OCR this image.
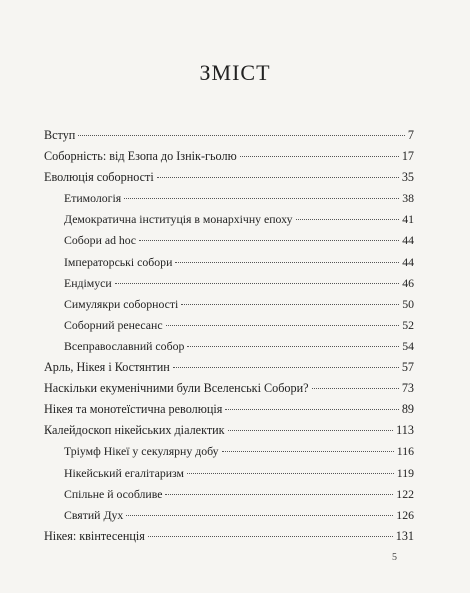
ЗМІСТ
Вступ	7
Соборність: від Езопа до Ізнік-гьолю	17
Еволюція соборності	35
Етимологія	38
Демократична інституція в монархічну епоху	41
Собори ad hoc	44
Імператорські собори	44
Ендімуси	46
Симулякри соборності	50
Соборний ренесанс	52
Всеправославний собор	54
Арль, Нікея і Костянтин	57
Наскільки екуменічними були Вселенські Собори?	73
Нікея та монотеїстична революція	89
Калейдоскоп нікейських діалектик	113
Тріумф Нікеї у секулярну добу	116
Нікейський егалітаризм	119
Спільне й особливе	122
Святий Дух	126
Нікея: квінтесенція	131
5
